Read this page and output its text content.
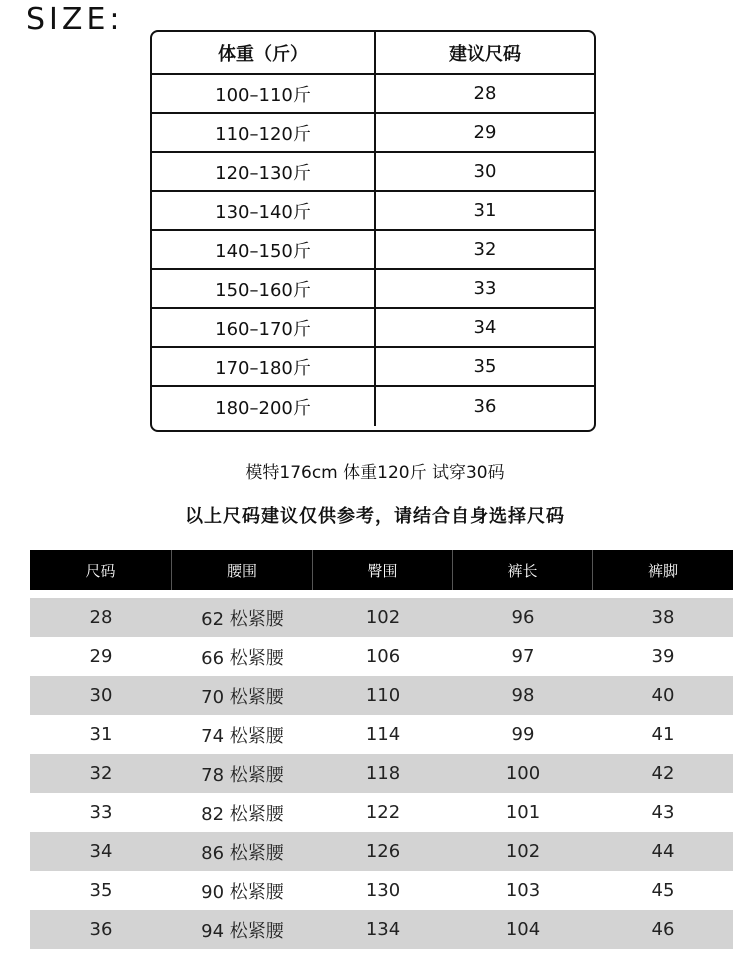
SIZE:
体重（斤）	建议尺码
100–110斤	28
110–120斤	29
120–130斤	30
130–140斤	31
140–150斤	32
150–160斤	33
160–170斤	34
170–180斤	35
180–200斤	36
模特176cm 体重120斤 试穿30码
以上尺码建议仅供参考，请结合自身选择尺码
尺码	腰围	臀围	裤长	裤脚
28	62 松紧腰	102	96	38
29	66 松紧腰	106	97	39
30	70 松紧腰	110	98	40
31	74 松紧腰	114	99	41
32	78 松紧腰	118	100	42
33	82 松紧腰	122	101	43
34	86 松紧腰	126	102	44
35	90 松紧腰	130	103	45
36	94 松紧腰	134	104	46
